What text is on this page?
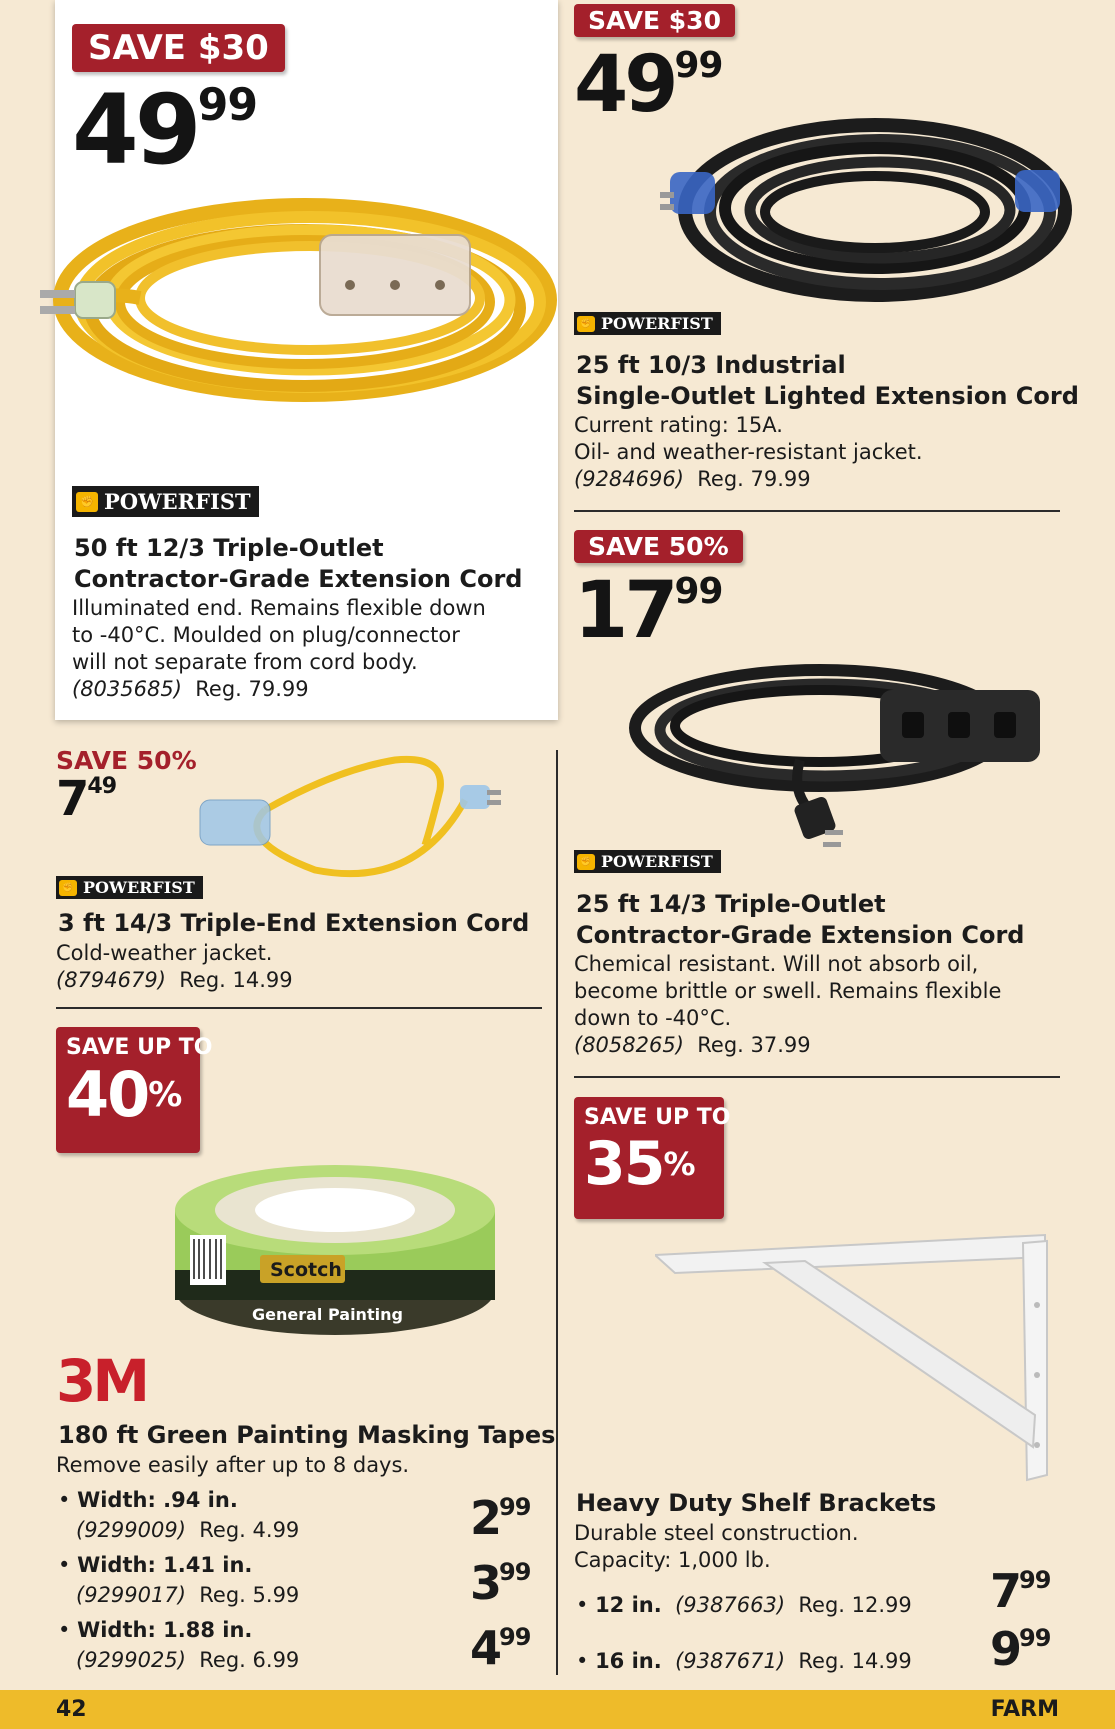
SAVE $30
$49^{99}$
✊ POWERFIST
50 ft 12/3 Triple-Outlet
Contractor-Grade Extension Cord
Illuminated end. Remains flexible down
to -40°C. Moulded on plug/connector
will not separate from cord body.
(8035685) Reg. 79.99
SAVE $30
$49^{99}$
✊ POWERFIST
25 ft 10/3 Industrial
Single-Outlet Lighted Extension Cord
Current rating: 15A.
Oil- and weather-resistant jacket.
(9284696) Reg. 79.99
SAVE 50%
$17^{99}$
✊ POWERFIST
25 ft 14/3 Triple-Outlet
Contractor-Grade Extension Cord
Chemical resistant. Will not absorb oil,
become brittle or swell. Remains flexible
down to -40°C.
(8058265) Reg. 37.99
SAVE 50%
$7^{49}$
✊ POWERFIST
3 ft 14/3 Triple-End Extension Cord
Cold-weather jacket.
(8794679) Reg. 14.99
SAVE UP TO
40%
Scotch
General Painting
3M
180 ft Green Painting Masking Tapes
Remove easily after up to 8 days.
• Width: .94 in.
(9299009) Reg. 4.99	$2^{99}$
• Width: 1.41 in.
(9299017) Reg. 5.99	$3^{99}$
• Width: 1.88 in.
(9299025) Reg. 6.99	$4^{99}$
SAVE UP TO
35%
Heavy Duty Shelf Brackets
Durable steel construction.
Capacity: 1,000 lb.
• 12 in. (9387663) Reg. 12.99 $7^{99}$
• 16 in. (9387671) Reg. 14.99 $9^{99}$
42	FARM
